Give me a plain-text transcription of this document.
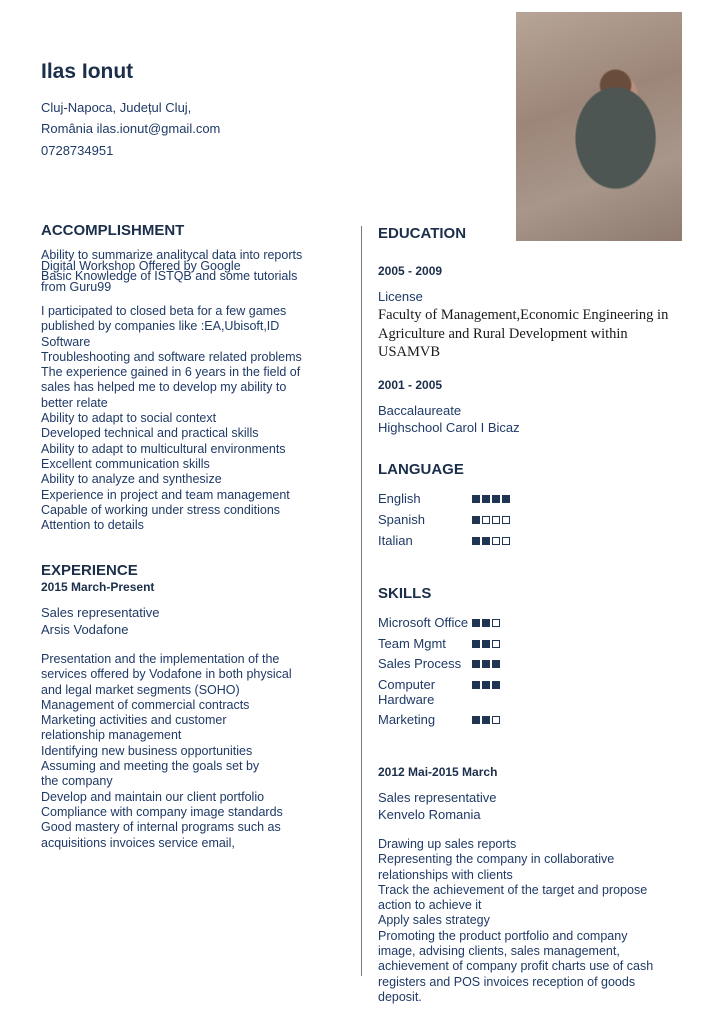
Ilas Ionut
Cluj-Napoca, Județul Cluj,
România ilas.ionut@gmail.com
0728734951
ACCOMPLISHMENT
Ability to summarize analitycal data into reports
Digital Workshop Offered by Google
Basic Knowledge of ISTQB and some tutorials
from Guru99
I participated to closed beta for a few games
published by companies like :EA,Ubisoft,ID
Software
Troubleshooting and software related problems
The experience gained in 6 years in the field of
sales has helped me to develop my ability to
better relate
Ability to adapt to social context
Developed technical and practical skills
Ability to adapt to multicultural environments
Excellent communication skills
Ability to analyze and synthesize
Experience in project and team management
Capable of working under stress conditions
Attention to details
EXPERIENCE
2015 March-Present
Sales representative
Arsis Vodafone
Presentation and the implementation of the
services offered by Vodafone in both physical
and legal market segments (SOHO)
Management of commercial contracts
Marketing activities and customer
relationship management
Identifying new business opportunities
Assuming and meeting the goals set by
the company
Develop and maintain our client portfolio
Compliance with company image standards
Good mastery of internal programs such as
acquisitions invoices service email,
EDUCATION
2005 - 2009
License
Faculty of Management,Economic Engineering in
Agriculture and Rural Development within
USAMVB
2001 - 2005
Baccalaureate
Highschool Carol I Bicaz
LANGUAGE
English
Spanish
Italian
SKILLS
Microsoft Office
Team Mgmt
Sales Process
Computer
Hardware
Marketing
2012 Mai-2015 March
Sales representative
Kenvelo Romania
Drawing up sales reports
Representing the company in collaborative
relationships with clients
Track the achievement of the target and propose
action to achieve it
Apply sales strategy
Promoting the product portfolio and company
image, advising clients, sales management,
achievement of company profit charts use of cash
registers and POS invoices reception of goods
deposit.
